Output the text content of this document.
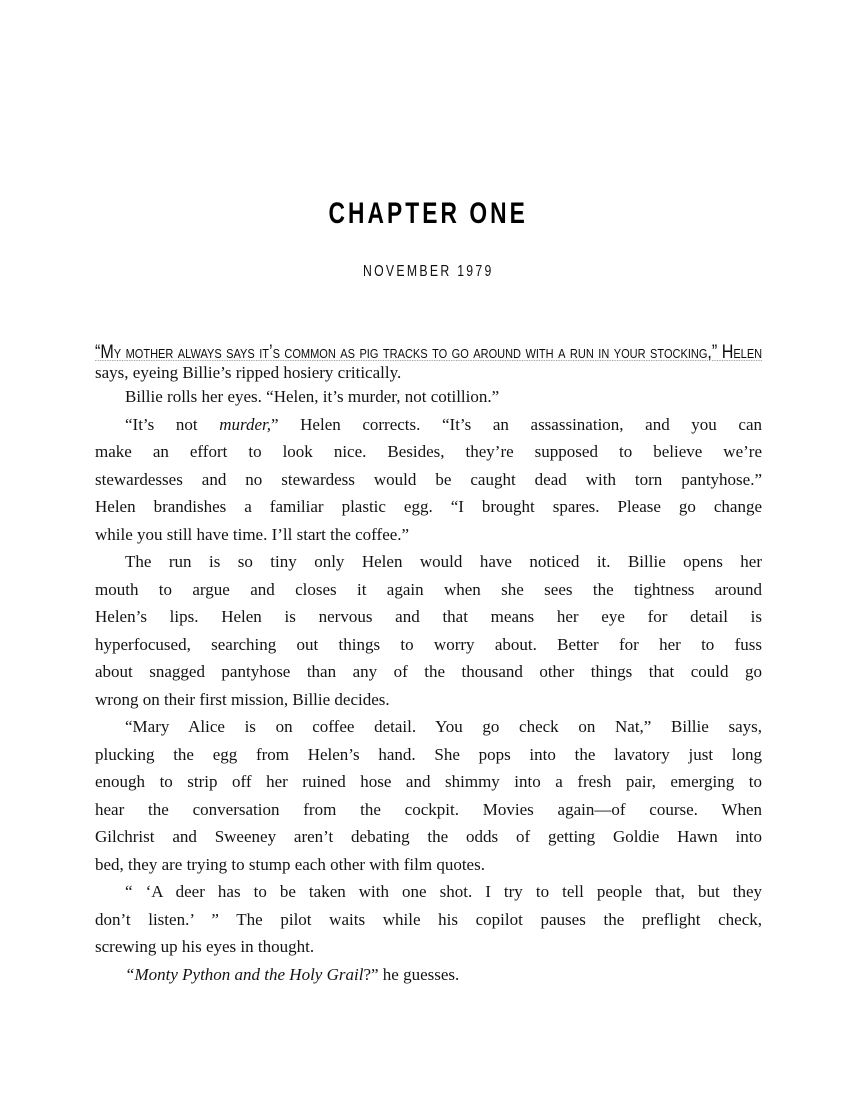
CHAPTER ONE
NOVEMBER 1979
“My mother always says it’s common as pig tracks to go around with a run in your stocking,” Helen
says, eyeing Billie’s ripped hosiery critically.
Billie rolls her eyes. “Helen, it’s murder, not cotillion.”
“It’s not murder,” Helen corrects. “It’s an assassination, and you can
make an effort to look nice. Besides, they’re supposed to believe we’re
stewardesses and no stewardess would be caught dead with torn pantyhose.”
Helen brandishes a familiar plastic egg. “I brought spares. Please go change
while you still have time. I’ll start the coffee.”
The run is so tiny only Helen would have noticed it. Billie opens her
mouth to argue and closes it again when she sees the tightness around
Helen’s lips. Helen is nervous and that means her eye for detail is
hyperfocused, searching out things to worry about. Better for her to fuss
about snagged pantyhose than any of the thousand other things that could go
wrong on their first mission, Billie decides.
“Mary Alice is on coffee detail. You go check on Nat,” Billie says,
plucking the egg from Helen’s hand. She pops into the lavatory just long
enough to strip off her ruined hose and shimmy into a fresh pair, emerging to
hear the conversation from the cockpit. Movies again—of course. When
Gilchrist and Sweeney aren’t debating the odds of getting Goldie Hawn into
bed, they are trying to stump each other with film quotes.
“ ‘A deer has to be taken with one shot. I try to tell people that, but they
don’t listen.’ ” The pilot waits while his copilot pauses the preflight check,
screwing up his eyes in thought.
“Monty Python and the Holy Grail?” he guesses.
